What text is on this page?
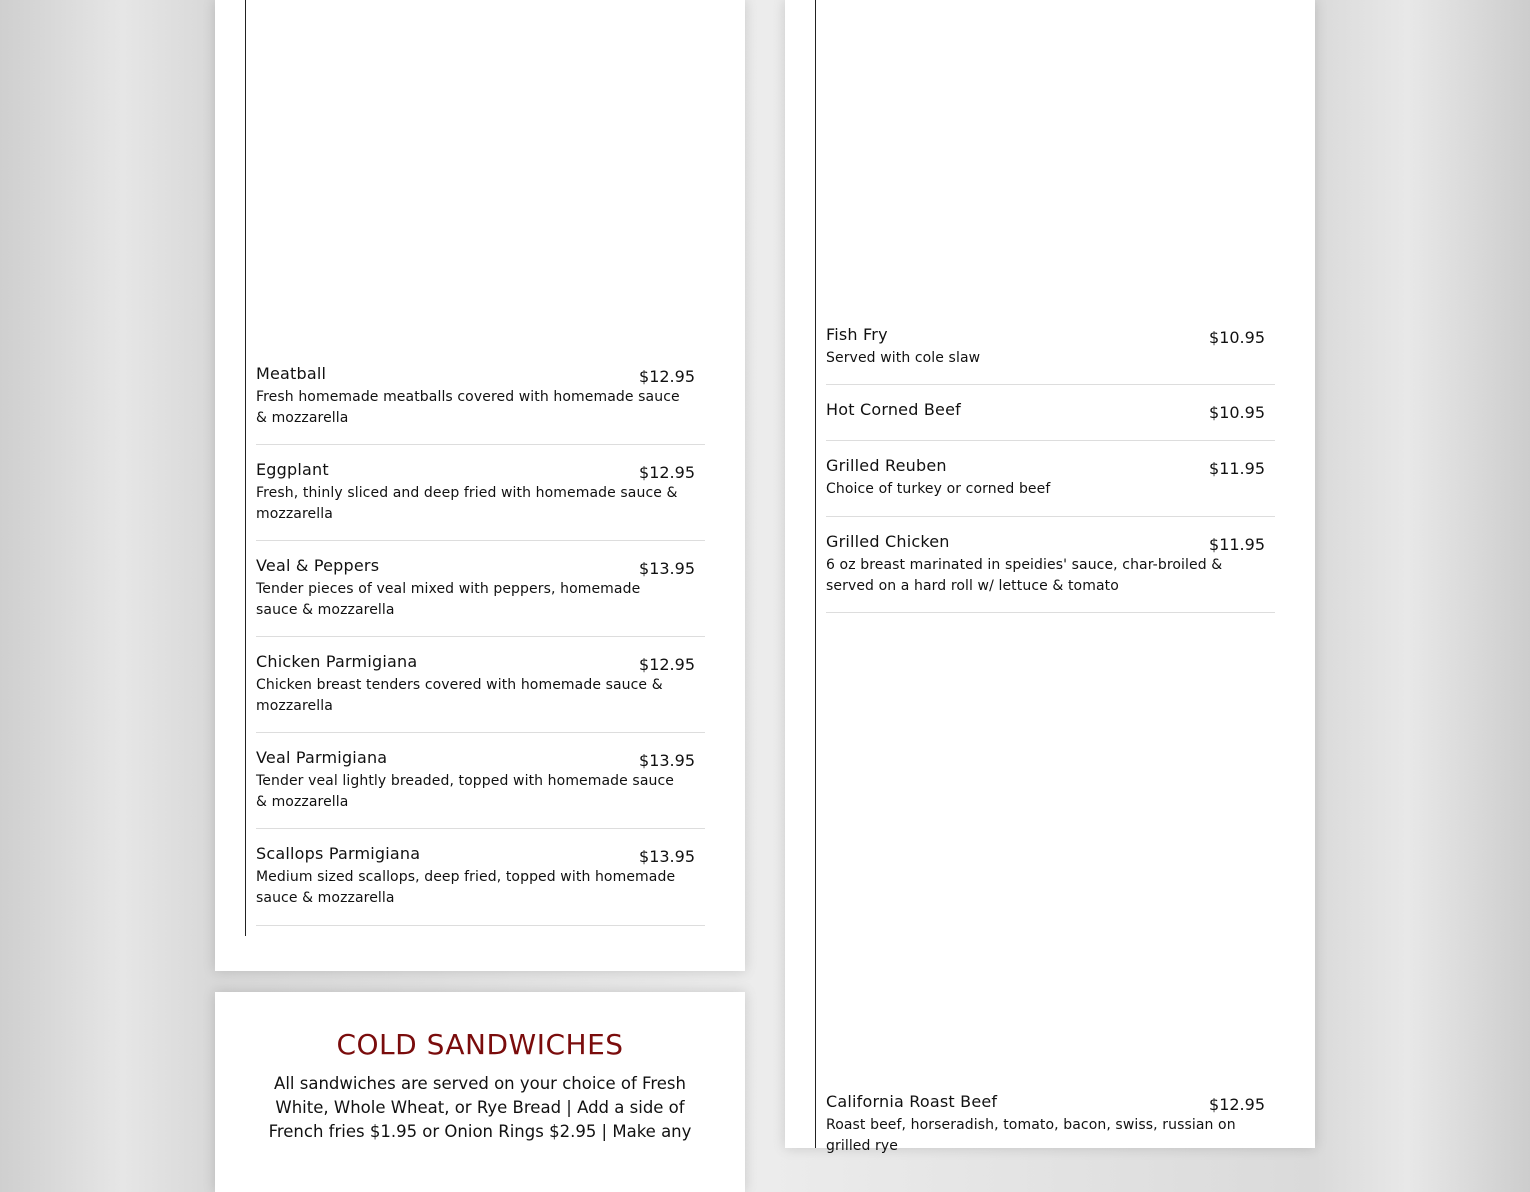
Meatball	$12.95
Fresh homemade meatballs covered with homemade sauce & mozzarella
Eggplant	$12.95
Fresh, thinly sliced and deep fried with homemade sauce & mozzarella
Veal & Peppers	$13.95
Tender pieces of veal mixed with peppers, homemade sauce & mozzarella
Chicken Parmigiana	$12.95
Chicken breast tenders covered with homemade sauce & mozzarella
Veal Parmigiana	$13.95
Tender veal lightly breaded, topped with homemade sauce & mozzarella
Scallops Parmigiana	$13.95
Medium sized scallops, deep fried, topped with homemade sauce & mozzarella
Fish Fry	$10.95
Served with cole slaw
Hot Corned Beef	$10.95
Grilled Reuben	$11.95
Choice of turkey or corned beef
Grilled Chicken	$11.95
6 oz breast marinated in speidies' sauce, char-broiled & served on a hard roll w/ lettuce & tomato
California Roast Beef	$12.95
Roast beef, horseradish, tomato, bacon, swiss, russian on grilled rye
COLD SANDWICHES
All sandwiches are served on your choice of Fresh White, Whole Wheat, or Rye Bread | Add a side of French fries $1.95 or Onion Rings $2.95 | Make any
